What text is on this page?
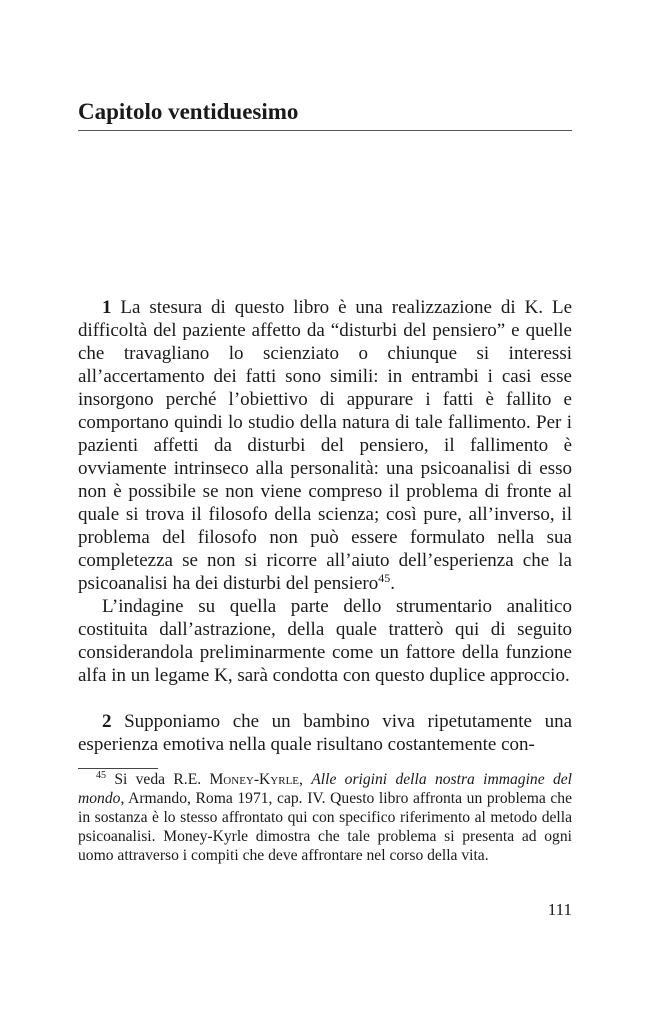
Capitolo ventiduesimo

1 La stesura di questo libro è una realizzazione di K. Le difficoltà del paziente affetto da “disturbi del pensiero” e quelle che travagliano lo scienziato o chiunque si interessi all’accertamento dei fatti sono simili: in entrambi i casi esse insorgono perché l’obiettivo di appurare i fatti è fallito e comportano quindi lo studio della natura di tale fallimento. Per i pazienti affetti da disturbi del pensiero, il fallimento è ovviamente intrinseco alla personalità: una psicoanalisi di esso non è possibile se non viene compreso il problema di fronte al quale si trova il filosofo della scienza; così pure, all’inverso, il problema del filosofo non può essere formulato nella sua completezza se non si ricorre all’aiuto dell’esperienza che la psicoanalisi ha dei disturbi del pensiero$^{45}$.

L’indagine su quella parte dello strumentario analitico costituita dall’astrazione, della quale tratterò qui di seguito considerandola preliminarmente come un fattore della funzione alfa in un legame K, sarà condotta con questo duplice approccio.

2 Supponiamo che un bambino viva ripetutamente una esperienza emotiva nella quale risultano costantemente con-

$^{45}$ Si veda R.E. Money-Kyrle, Alle origini della nostra immagine del mondo, Armando, Roma 1971, cap. IV. Questo libro affronta un problema che in sostanza è lo stesso affrontato qui con specifico riferimento al metodo della psicoanalisi. Money-Kyrle dimostra che tale problema si presenta ad ogni uomo attraverso i compiti che deve affrontare nel corso della vita.

111
